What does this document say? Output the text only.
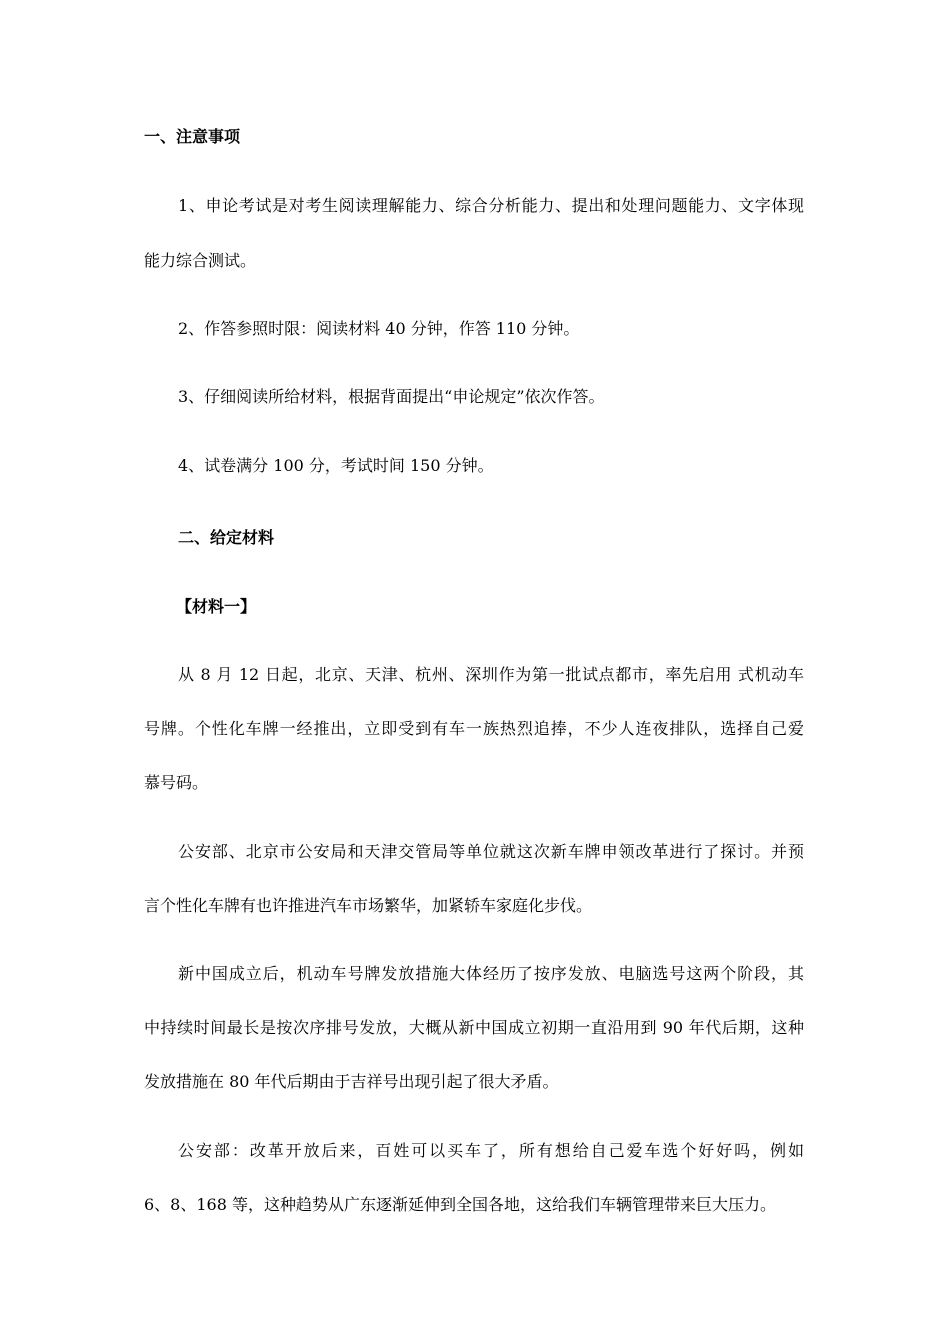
一、注意事项
1、申论考试是对考生阅读理解能力、综合分析能力、提出和处理问题能力、文字体现
能力综合测试。
2、作答参照时限：阅读材料 40 分钟，作答 110 分钟。
3、仔细阅读所给材料，根据背面提出“申论规定”依次作答。
4、试卷满分 100 分，考试时间 150 分钟。
二、给定材料
【材料一】
从 8 月 12 日起，北京、天津、杭州、深圳作为第一批试点都市，率先启用 式机动车
号牌。个性化车牌一经推出，立即受到有车一族热烈追捧，不少人连夜排队，选择自己爱
慕号码。
公安部、北京市公安局和天津交管局等单位就这次新车牌申领改革进行了探讨。并预
言个性化车牌有也许推进汽车市场繁华，加紧轿车家庭化步伐。
新中国成立后，机动车号牌发放措施大体经历了按序发放、电脑选号这两个阶段，其
中持续时间最长是按次序排号发放，大概从新中国成立初期一直沿用到 90 年代后期，这种
发放措施在 80 年代后期由于吉祥号出现引起了很大矛盾。
公安部：改革开放后来，百姓可以买车了，所有想给自己爱车选个好好吗，例如
6、8、168 等，这种趋势从广东逐渐延伸到全国各地，这给我们车辆管理带来巨大压力。
